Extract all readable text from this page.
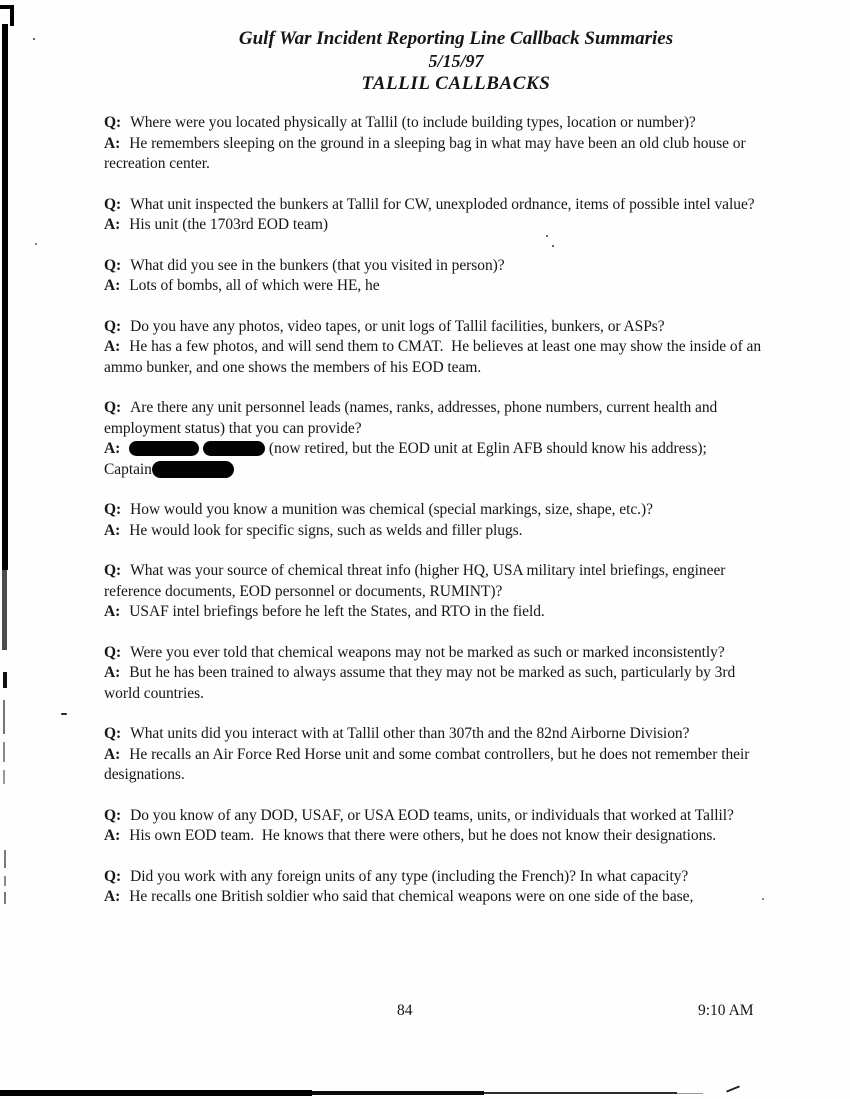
Gulf War Incident Reporting Line Callback Summaries
5/15/97
TALLIL CALLBACKS

Q: Where were you located physically at Tallil (to include building types, location or number)?

A: He remembers sleeping on the ground in a sleeping bag in what may have been an old club house or recreation center.

Q: What unit inspected the bunkers at Tallil for CW, unexploded ordnance, items of possible intel value?

A: His unit (the 1703rd EOD team)

Q: What did you see in the bunkers (that you visited in person)?

A: Lots of bombs, all of which were HE, he

Q: Do you have any photos, video tapes, or unit logs of Tallil facilities, bunkers, or ASPs?

A: He has a few photos, and will send them to CMAT.  He believes at least one may show the inside of an ammo bunker, and one shows the members of his EOD team.

Q: Are there any unit personnel leads (names, ranks, addresses, phone numbers, current health and employment status) that you can provide?

A:	(now retired, but the EOD unit at Eglin AFB should know his address);
Captain

Q: How would you know a munition was chemical (special markings, size, shape, etc.)?

A: He would look for specific signs, such as welds and filler plugs.

Q: What was your source of chemical threat info (higher HQ, USA military intel briefings, engineer reference documents, EOD personnel or documents, RUMINT)?

A: USAF intel briefings before he left the States, and RTO in the field.

Q: Were you ever told that chemical weapons may not be marked as such or marked inconsistently?

A: But he has been trained to always assume that they may not be marked as such, particularly by 3rd world countries.

Q: What units did you interact with at Tallil other than 307th and the 82nd Airborne Division?

A: He recalls an Air Force Red Horse unit and some combat controllers, but he does not remember their designations.

Q: Do you know of any DOD, USAF, or USA EOD teams, units, or individuals that worked at Tallil?

A: His own EOD team.  He knows that there were others, but he does not know their designations.

Q: Did you work with any foreign units of any type (including the French)? In what capacity?

A: He recalls one British soldier who said that chemical weapons were on one side of the base,

84	9:10 AM
